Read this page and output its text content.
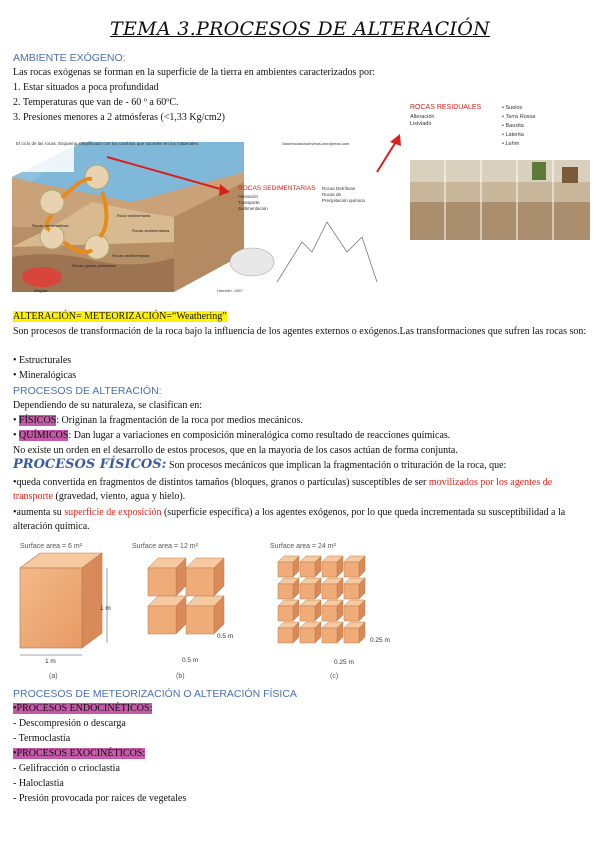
TEMA 3.PROCESOS DE ALTERACIÓN
AMBIENTE EXÓGENO:
Las rocas exógenas se forman en la superficie de la tierra en ambientes caracterizados por:
1. Estar situados a poca profundidad
2. Temperaturas que van de - 60 º a 60ºC.
3. Presiones menores a 2 atmósferas (<1,33 Kg/cm2)
El ciclo de las rocas. Esquema simplificado con los cambios que suceden en los materiales.
Roca sedimentaria
Rocas sedimentarias
Rocas metamórficas
Rocas sedimentarias
Rocas ígneas plutónicas
Magma	Hamblin, 1987
//lacienciasolodevinos.wordpress.com
ROCAS SEDIMENTARIAS
Alteración
Transporte
Sedimentación
Rocas Detríticas
Rocas de
Precipitación química
ROCAS RESIDUALES
Alteración
Lixiviado
• Suelos
• Terra Rossa
• Bauxita
• Laterita
• Lehm
ALTERACIÓN= METEORIZACIÓN=“Weathering”
Son procesos de transformación de la roca bajo la influencia de los agentes externos o exógenos.Las transformaciones que sufren las rocas son:
• Estructurales
• Mineralógicas
PROCESOS DE ALTERACIÓN:
Dependiendo de su naturaleza, se clasifican en:
• FÍSICOS: Originan la fragmentación de la roca por medios mecánicos.
• QUÍMICOS: Dan lugar a variaciones en composición mineralógica como resultado de reacciones químicas.
No existe un orden en el desarrollo de estos procesos, que en la mayoría de los casos actúan de forma conjunta.
PROCESOS FÍSICOS: Son procesos mecánicos que implican la fragmentación o trituración de la roca, que:
•queda convertida en fragmentos de distintos tamaños (bloques, granos o partículas) susceptibles de ser movilizados por los agentes de transporte (gravedad, viento, agua y hielo).
•aumenta su superficie de exposición (superficie específica) a los agentes exógenos, por lo que queda incrementada su susceptibilidad a la alteración química.
Surface area = 6 m²	Surface area = 12 m²	Surface area = 24 m²
1 m
1 m
(a)
0.5 m
0.5 m
(b)
0.25 m
0.25 m
(c)
PROCESOS DE METEORIZACIÓN O ALTERACIÓN FÍSICA
•PROCESOS ENDOCINÉTICOS:
- Descompresión o descarga
- Termoclastia
•PROCESOS EXOCINÉTICOS:
- Gelifracción o crioclastia
- Haloclastia
- Presión provocada por raíces de vegetales
